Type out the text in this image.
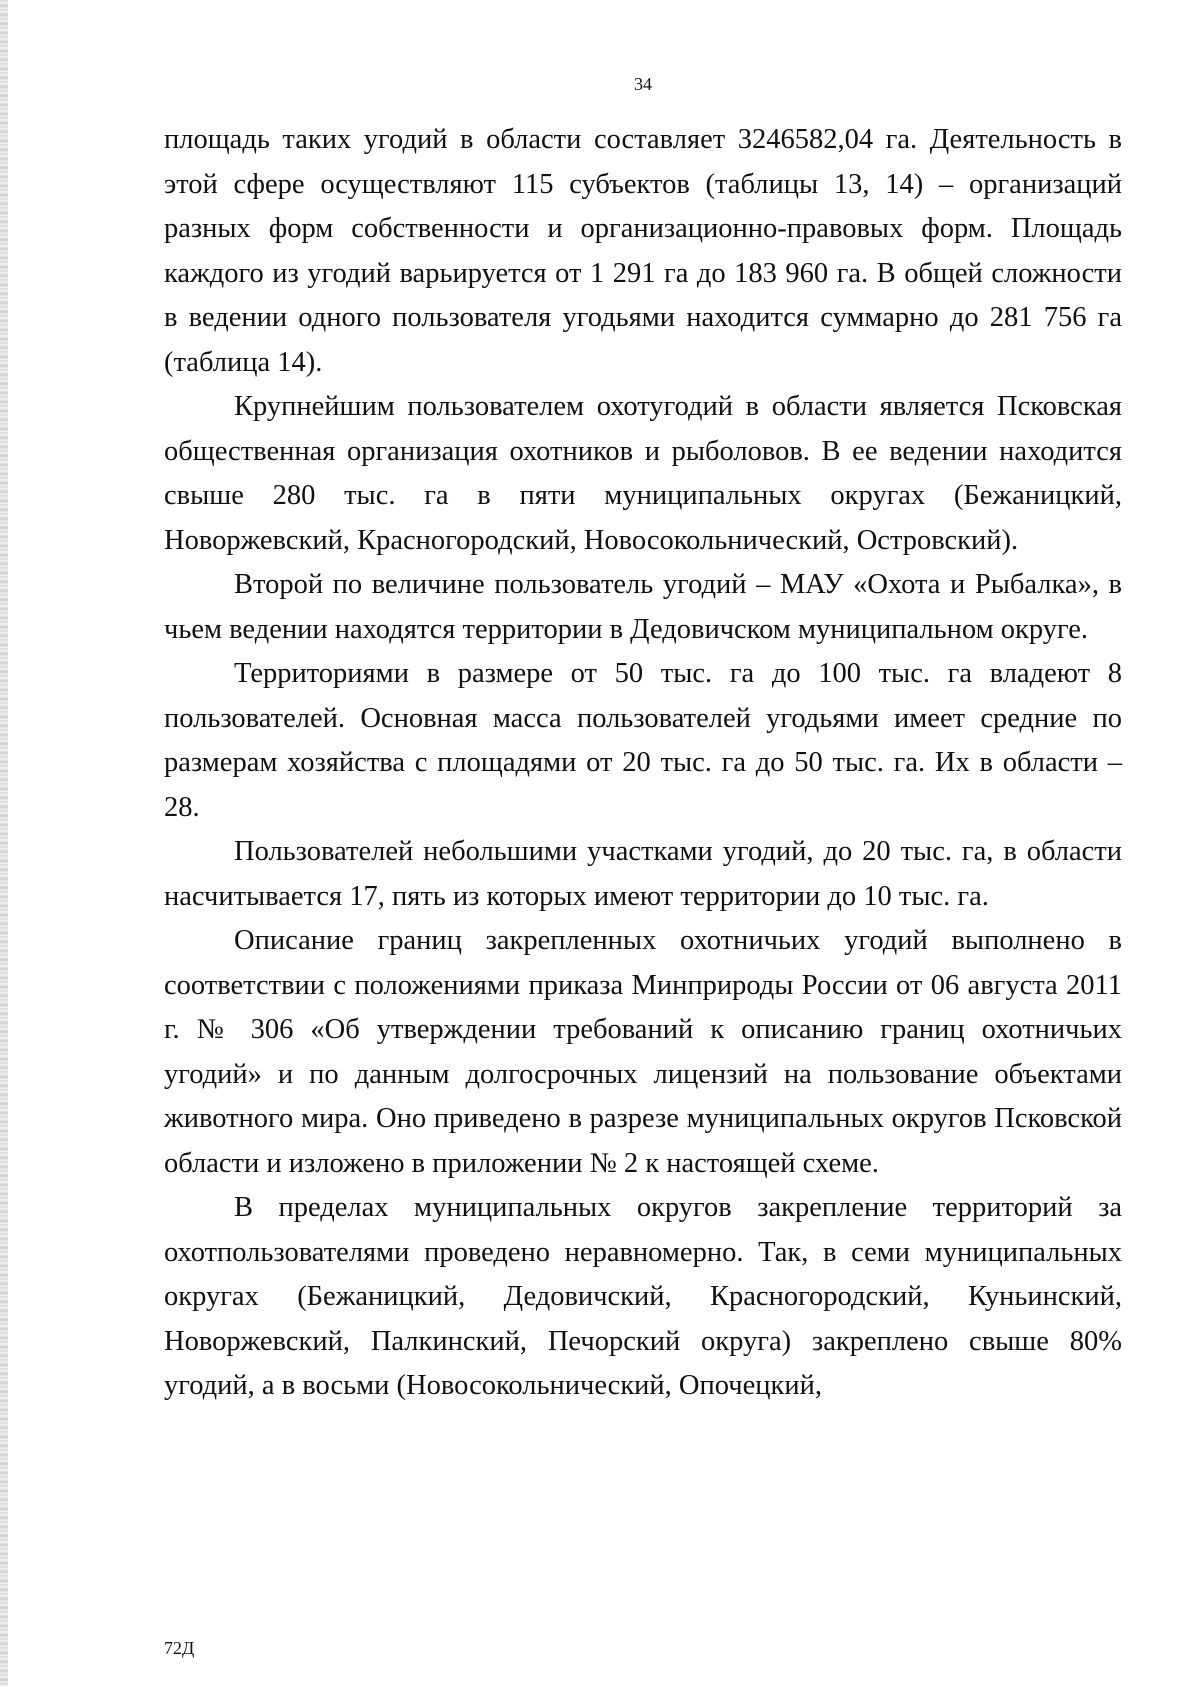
34

площадь таких угодий в области составляет 3246582,04 га. Деятельность в этой сфере осуществляют 115 субъектов (таблицы 13, 14) – организаций разных форм собственности и организационно-правовых форм. Площадь каждого из угодий варьируется от 1 291 га до 183 960 га. В общей сложности в ведении одного пользователя угодьями находится суммарно до 281 756 га (таблица 14).

Крупнейшим пользователем охотугодий в области является Псковская общественная организация охотников и рыболовов. В ее ведении находится свыше 280 тыс. га в пяти муниципальных округах (Бежаницкий, Новоржевский, Красногородский, Новосокольнический, Островский).

Второй по величине пользователь угодий – МАУ «Охота и Рыбалка», в чьем ведении находятся территории в Дедовичском муниципальном округе.

Территориями в размере от 50 тыс. га до 100 тыс. га владеют 8 пользователей. Основная масса пользователей угодьями имеет средние по размерам хозяйства с площадями от 20 тыс. га до 50 тыс. га. Их в области – 28.

Пользователей небольшими участками угодий, до 20 тыс. га, в области насчитывается 17, пять из которых имеют территории до 10 тыс. га.

Описание границ закрепленных охотничьих угодий выполнено в соответствии с положениями приказа Минприроды России от 06 августа 2011 г. № 306 «Об утверждении требований к описанию границ охотничьих угодий» и по данным долгосрочных лицензий на пользование объектами животного мира. Оно приведено в разрезе муниципальных округов Псковской области и изложено в приложении № 2 к настоящей схеме.

В пределах муниципальных округов закрепление территорий за охотпользователями проведено неравномерно. Так, в семи муниципальных округах (Бежаницкий, Дедовичский, Красногородский, Куньинский, Новоржевский, Палкинский, Печорский округа) закреплено свыше 80% угодий, а в восьми (Новосокольнический, Опочецкий,

72Д
